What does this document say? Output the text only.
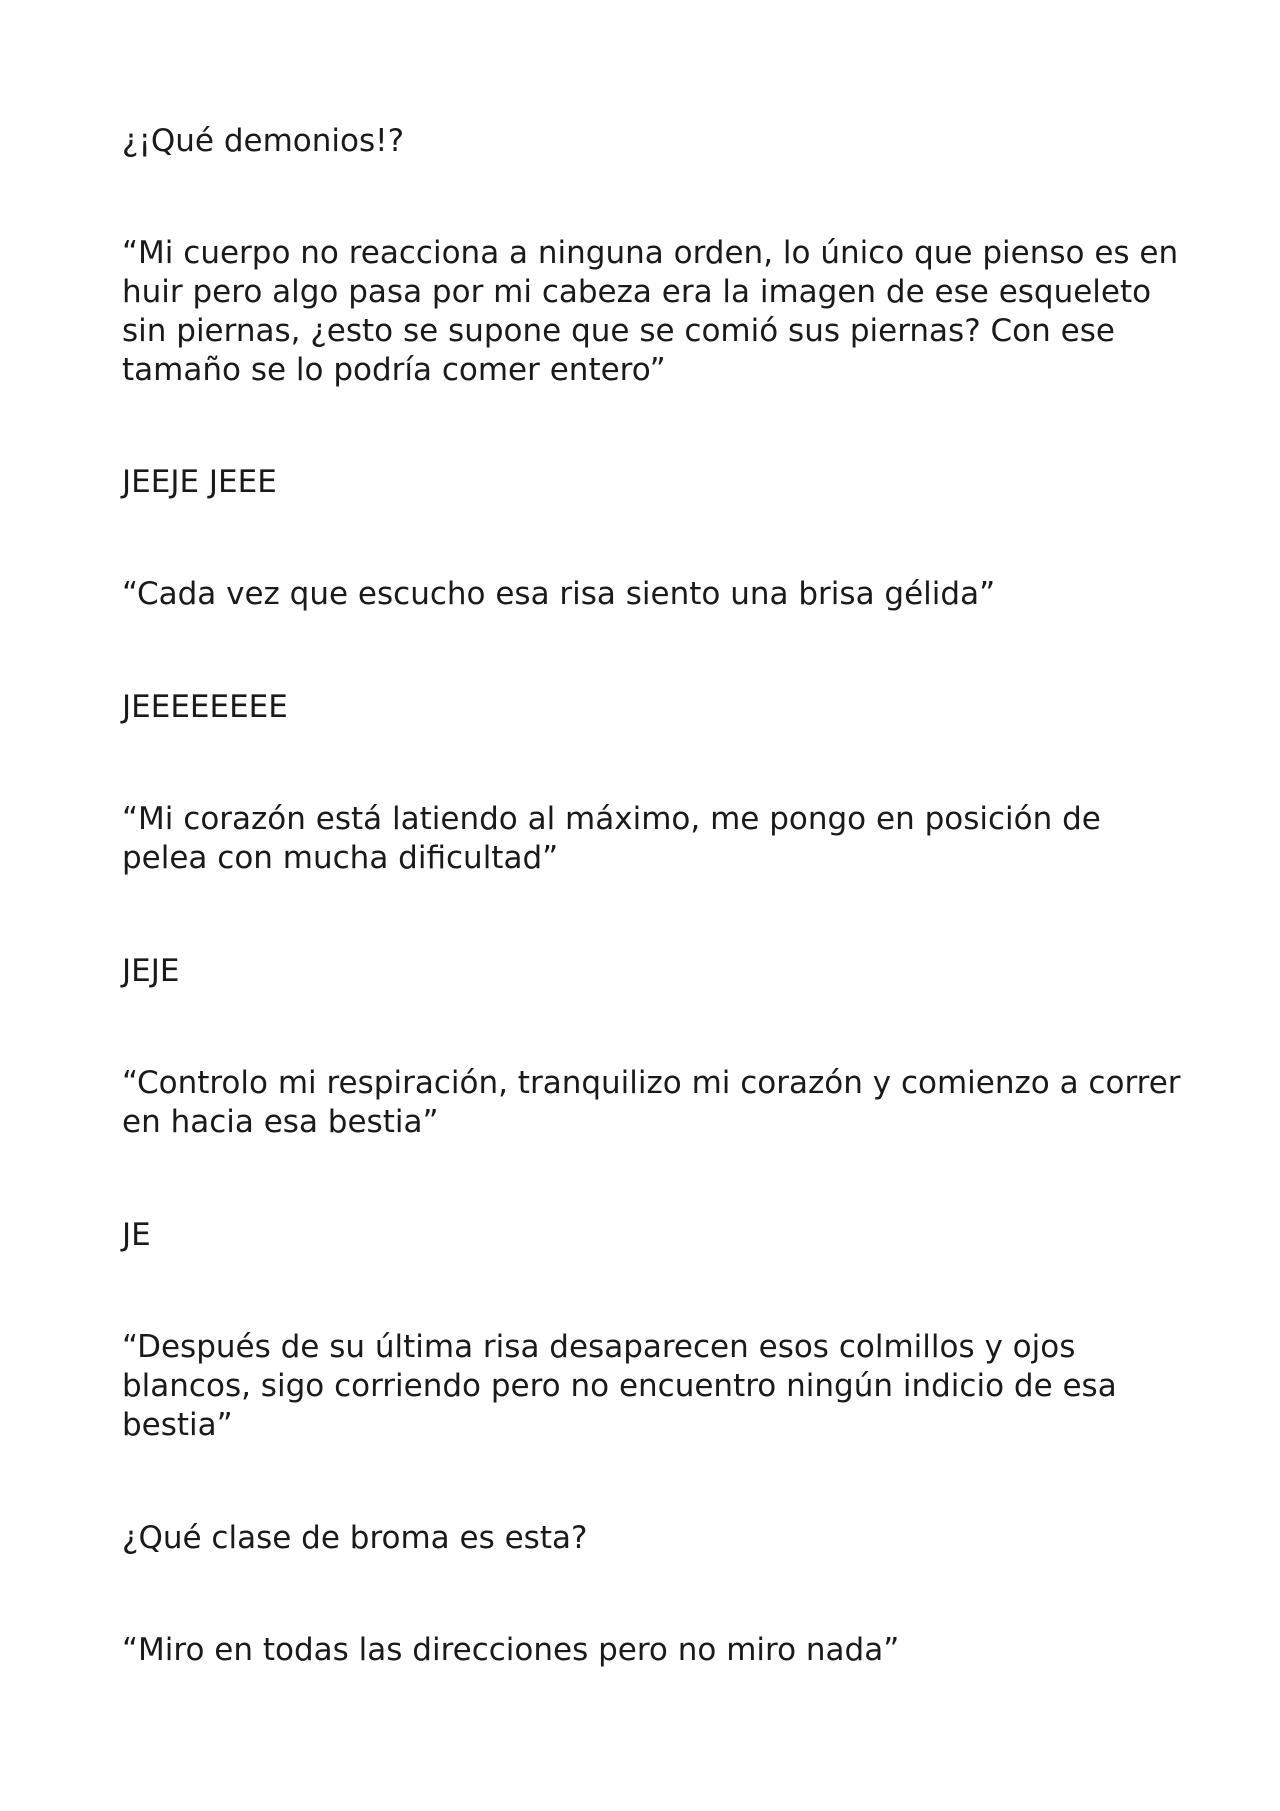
¿¡Qué demonios!?

“Mi cuerpo no reacciona a ninguna orden, lo único que pienso es en huir pero algo pasa por mi cabeza era la imagen de ese esqueleto sin piernas, ¿esto se supone que se comió sus piernas? Con ese tamaño se lo podría comer entero”

JEEJE JEEE

“Cada vez que escucho esa risa siento una brisa gélida”

JEEEEEEEE

“Mi corazón está latiendo al máximo, me pongo en posición de pelea con mucha dificultad”

JEJE

“Controlo mi respiración, tranquilizo mi corazón y comienzo a correr en hacia esa bestia”

JE

“Después de su última risa desaparecen esos colmillos y ojos blancos, sigo corriendo pero no encuentro ningún indicio de esa bestia”

¿Qué clase de broma es esta?

“Miro en todas las direcciones pero no miro nada”
